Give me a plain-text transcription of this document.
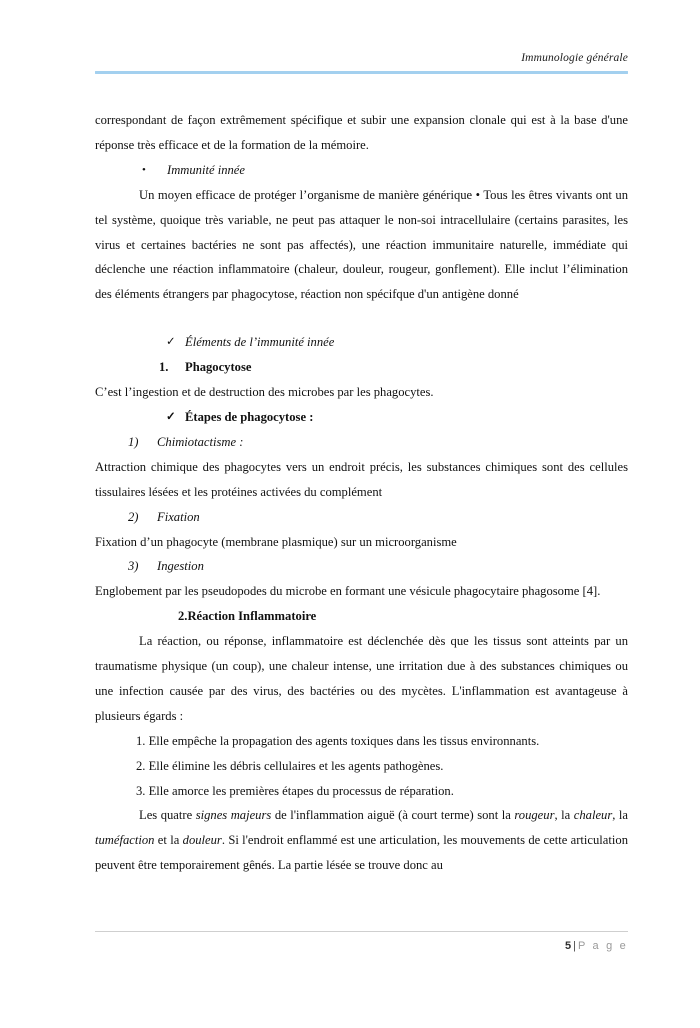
Immunologie générale

correspondant de façon extrêmement spécifique et subir une expansion clonale qui est à la base d'une réponse très efficace et de la formation de la mémoire.

• Immunité innée

Un moyen efficace de protéger l’organisme de manière générique • Tous les êtres vivants ont un tel système, quoique très variable, ne peut pas attaquer le non-soi intracellulaire (certains parasites, les virus et certaines bactéries ne sont pas affectés), une réaction immunitaire naturelle, immédiate qui déclenche une réaction inflammatoire (chaleur, douleur, rougeur, gonflement). Elle inclut l’élimination des éléments étrangers par phagocytose, réaction non spécifque d'un antigène donné

✓ Éléments de l’immunité innée
1. Phagocytose

C’est l’ingestion et de destruction des microbes par les phagocytes.

✓ Étapes de phagocytose :
1) Chimiotactisme :

Attraction chimique des phagocytes vers un endroit précis, les substances chimiques sont des cellules tissulaires lésées et les protéines activées du complément

2) Fixation

Fixation d’un phagocyte (membrane plasmique) sur un microorganisme

3) Ingestion

Englobement par les pseudopodes du microbe en formant une vésicule phagocytaire phagosome [4].

2.Réaction Inflammatoire

La réaction, ou réponse, inflammatoire est déclenchée dès que les tissus sont atteints par un traumatisme physique (un coup), une chaleur intense, une irritation due à des substances chimiques ou une infection causée par des virus, des bactéries ou des mycètes. L'inflammation est avantageuse à plusieurs égards :

1. Elle empêche la propagation des agents toxiques dans les tissus environnants.
2. Elle élimine les débris cellulaires et les agents pathogènes.
3. Elle amorce les premières étapes du processus de réparation.

Les quatre signes majeurs de l'inflammation aiguë (à court terme) sont la rougeur, la chaleur, la tuméfaction et la douleur. Si l'endroit enflammé est une articulation, les mouvements de cette articulation peuvent être temporairement gênés. La partie lésée se trouve donc au

5 | P a g e
